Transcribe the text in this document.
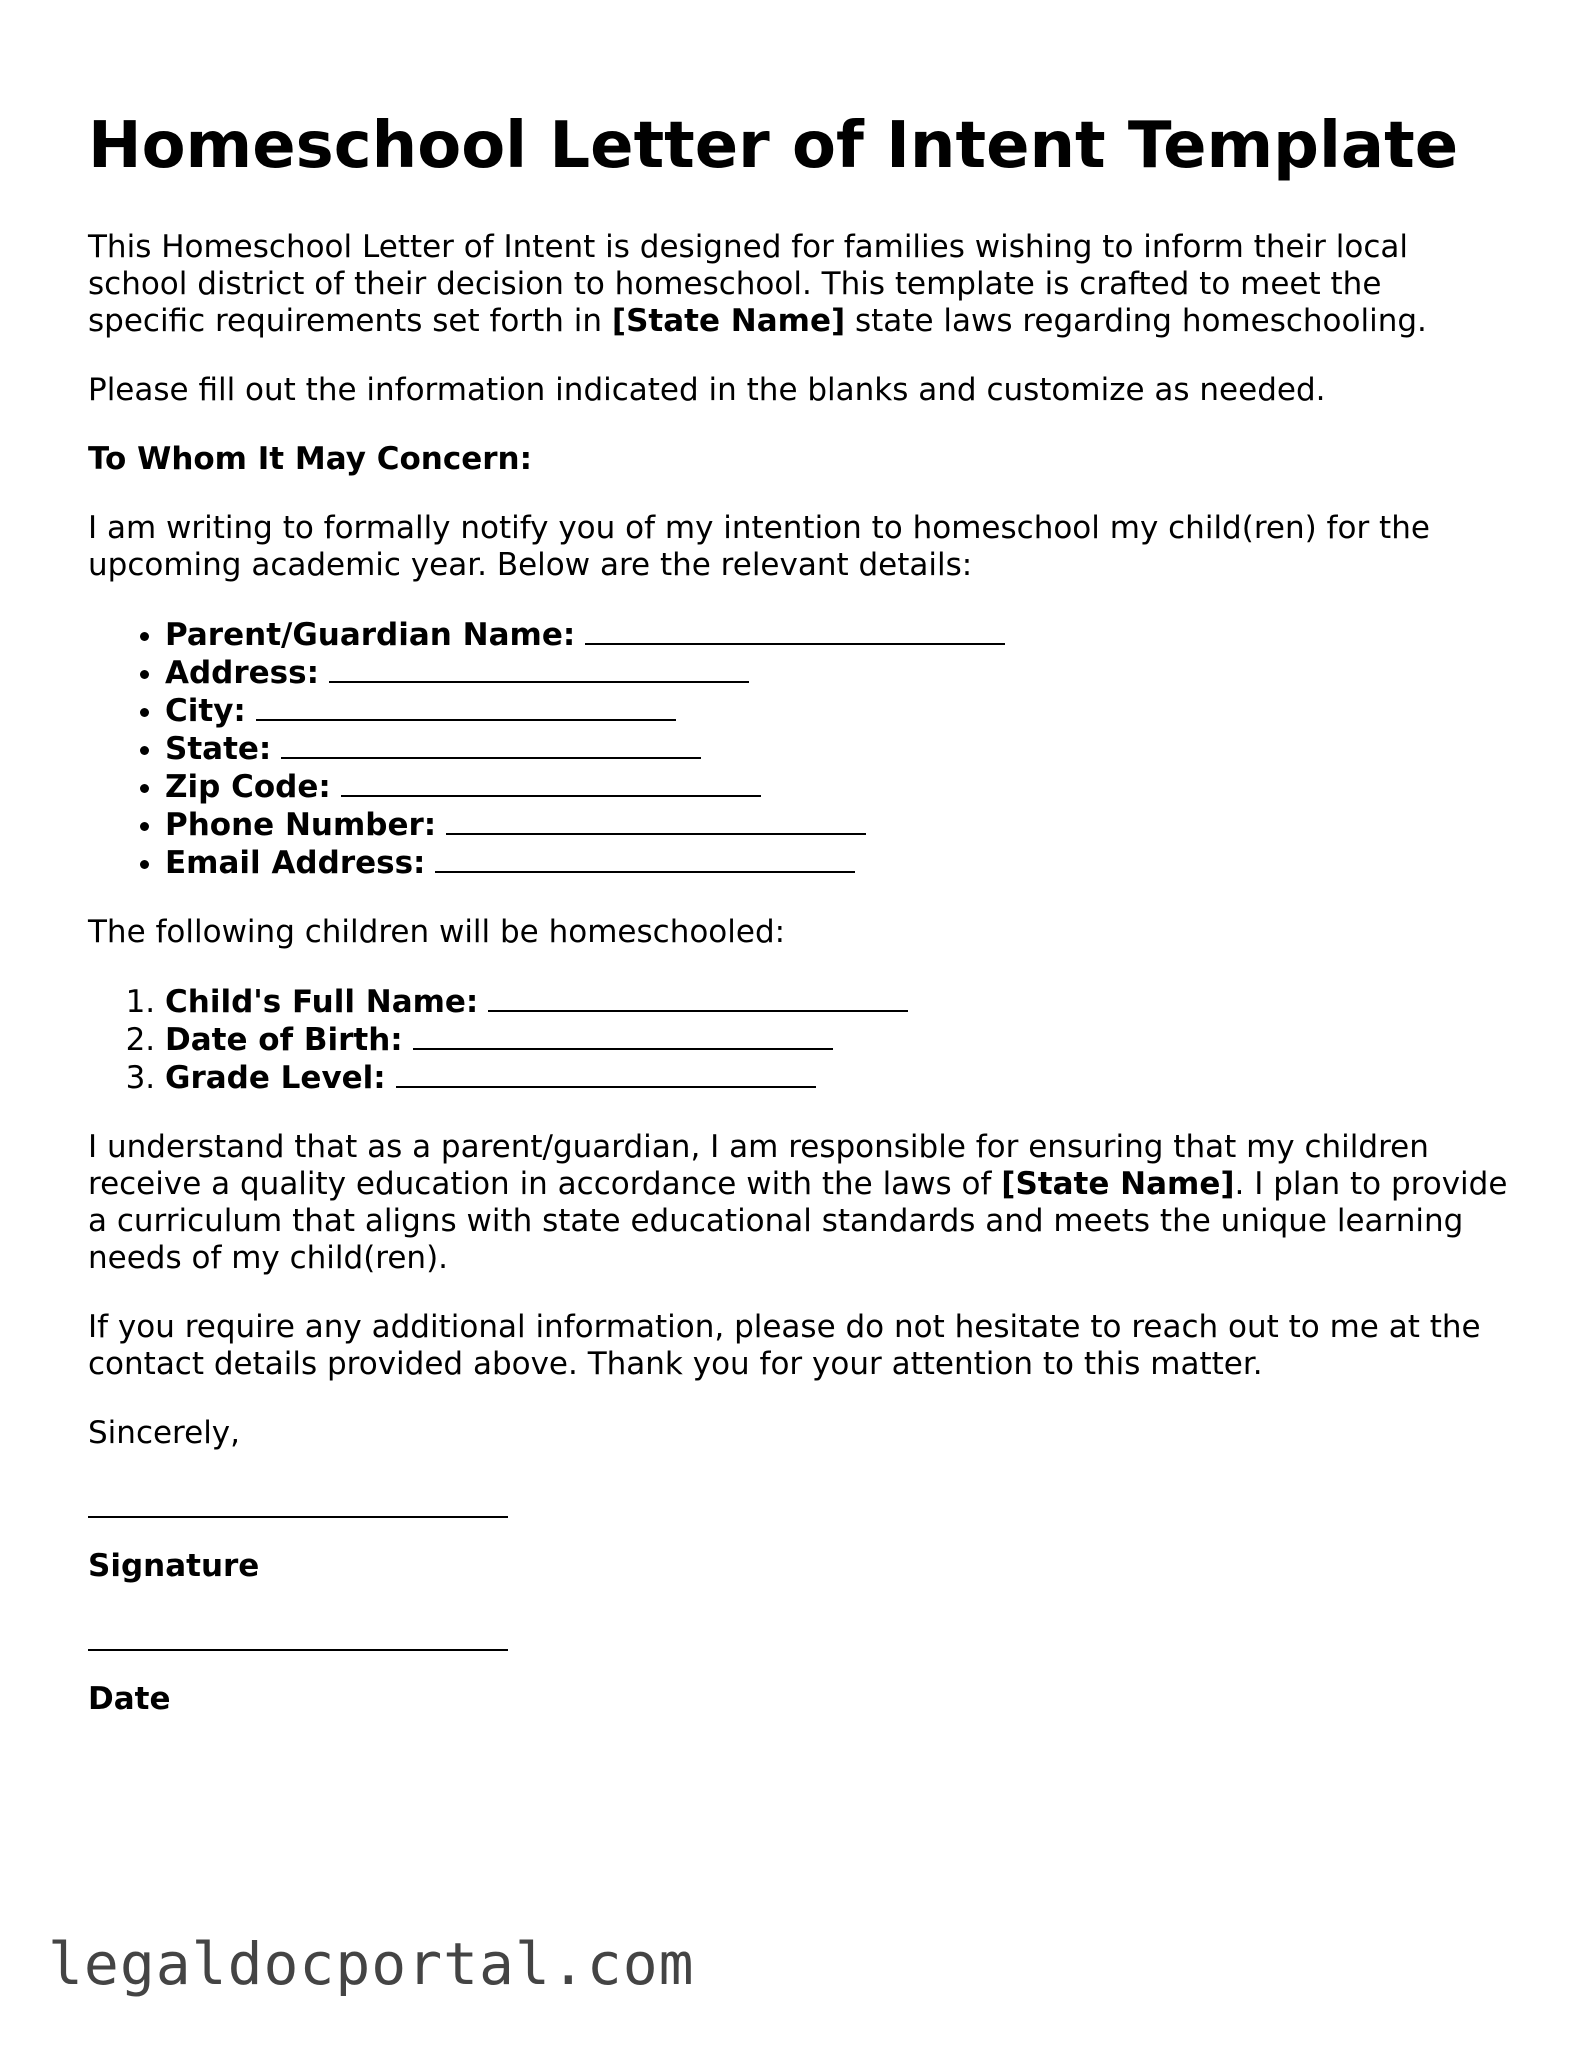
Homeschool Letter of Intent Template

This Homeschool Letter of Intent is designed for families wishing to inform their local school district of their decision to homeschool. This template is crafted to meet the specific requirements set forth in [State Name] state laws regarding homeschooling.

Please fill out the information indicated in the blanks and customize as needed.

To Whom It May Concern:

I am writing to formally notify you of my intention to homeschool my child(ren) for the upcoming academic year. Below are the relevant details:

• Parent/Guardian Name:
• Address:
• City:
• State:
• Zip Code:
• Phone Number:
• Email Address:

The following children will be homeschooled:

1. Child's Full Name:
2. Date of Birth:
3. Grade Level:

I understand that as a parent/guardian, I am responsible for ensuring that my children receive a quality education in accordance with the laws of [State Name]. I plan to provide a curriculum that aligns with state educational standards and meets the unique learning needs of my child(ren).

If you require any additional information, please do not hesitate to reach out to me at the contact details provided above. Thank you for your attention to this matter.

Sincerely,

Signature

Date

legaldocportal.com
